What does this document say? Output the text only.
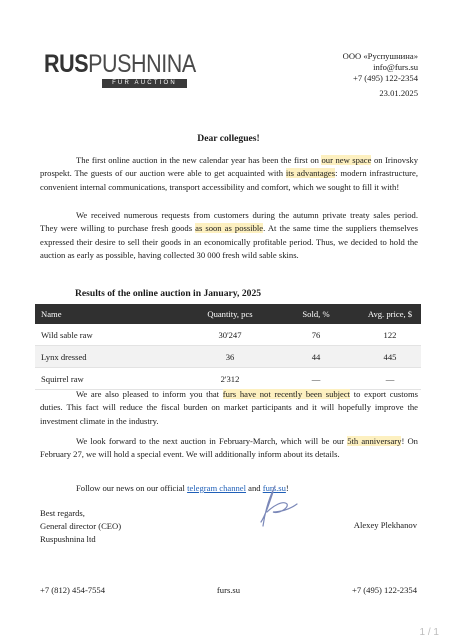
RUSPUSHNINA
FUR AUCTION
ООО «Руспушнина»
info@furs.su
+7 (495) 122-2354
23.01.2025
Dear collegues!

The first online auction in the new calendar year has been the first on our new space on Irinovsky prospekt. The guests of our auction were able to get acquainted with its advantages: modern infrastructure, convenient internal communications, transport accessibility and comfort, which we sought to fill it with!

We received numerous requests from customers during the autumn private treaty sales period. They were willing to purchase fresh goods as soon as possible. At the same time the suppliers themselves expressed their desire to sell their goods in an economically profitable period. Thus, we decided to hold the auction as early as possible, having collected 30 000 fresh wild sable skins.

Results of the online auction in January, 2025
Name	Quantity, pcs	Sold, %	Avg. price, $
Wild sable raw	30'247	76	122
Lynx dressed	36	44	445
Squirrel raw	2'312	—	—

We are also pleased to inform you that furs have not recently been subject to export customs duties. This fact will reduce the fiscal burden on market participants and it will hopefully improve the investment climate in the industry.

We look forward to the next auction in February-March, which will be our 5th anniversary! On February 27, we will hold a special event. We will additionally inform about its details.

Follow our news on our official telegram channel and furs.su!

Best regards,
General director (CEO)
Ruspushnina ltd
Alexey Plekhanov
+7 (812) 454-7554	furs.su	+7 (495) 122-2354
1 / 1
